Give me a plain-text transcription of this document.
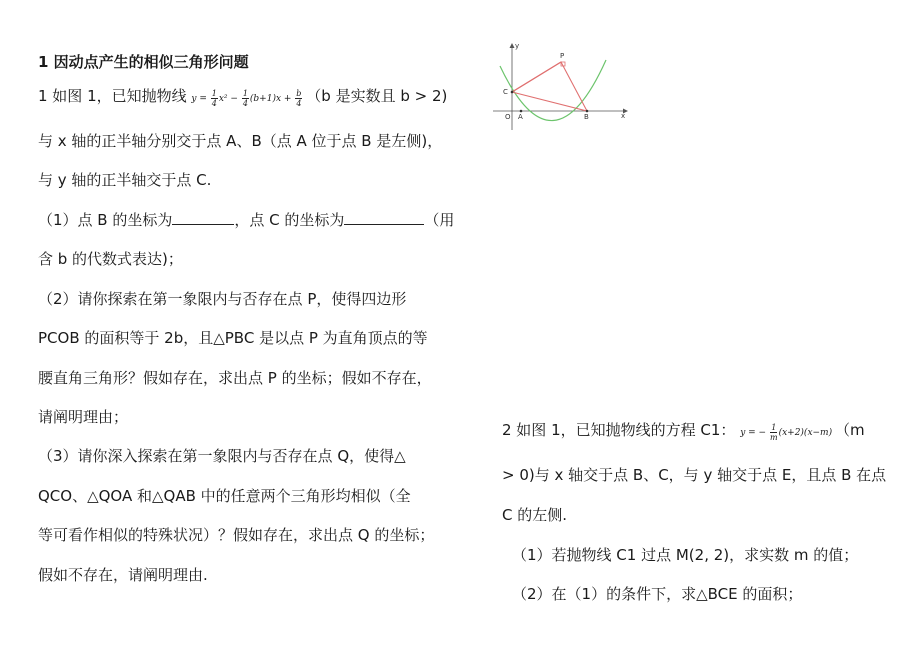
1 因动点产生的相似三角形问题
1 如图 1，已知抛物线 $y = \frac{1}{4} x^2 - \frac{1}{4} (b+1)x + \frac{b}{4} (b$ 是实数且 b > 2)
与 x 轴的正半轴分别交于点 A、B（点 A 位于点 B 是左侧)，
与 y 轴的正半轴交于点 C.
（1）点 B 的坐标为	，点 C 的坐标为	（用
含 b 的代数式表达)；
（2）请你探索在第一象限内与否存在点 P，使得四边形
PCOB 的面积等于 2b，且△PBC 是以点 P 为直角顶点的等
腰直角三角形？假如存在，求出点 P 的坐标；假如不存在，
请阐明理由；
（3）请你深入探索在第一象限内与否存在点 Q，使得△
QCO、△QOA 和△QAB 中的任意两个三角形均相似（全
等可看作相似的特殊状况）？假如存在，求出点 Q 的坐标；
假如不存在，请阐明理由.
y
x
P
C
O A	B
2 如图 1，已知抛物线的方程 C1： y = − $\frac{1}{m} (x+2)(x-m)$ （m
> 0)与 x 轴交于点 B、C，与 y 轴交于点 E，且点 B 在点
C 的左侧.
（1）若抛物线 C1 过点 M(2, 2)，求实数 m 的值；
（2）在（1）的条件下，求△BCE 的面积；
